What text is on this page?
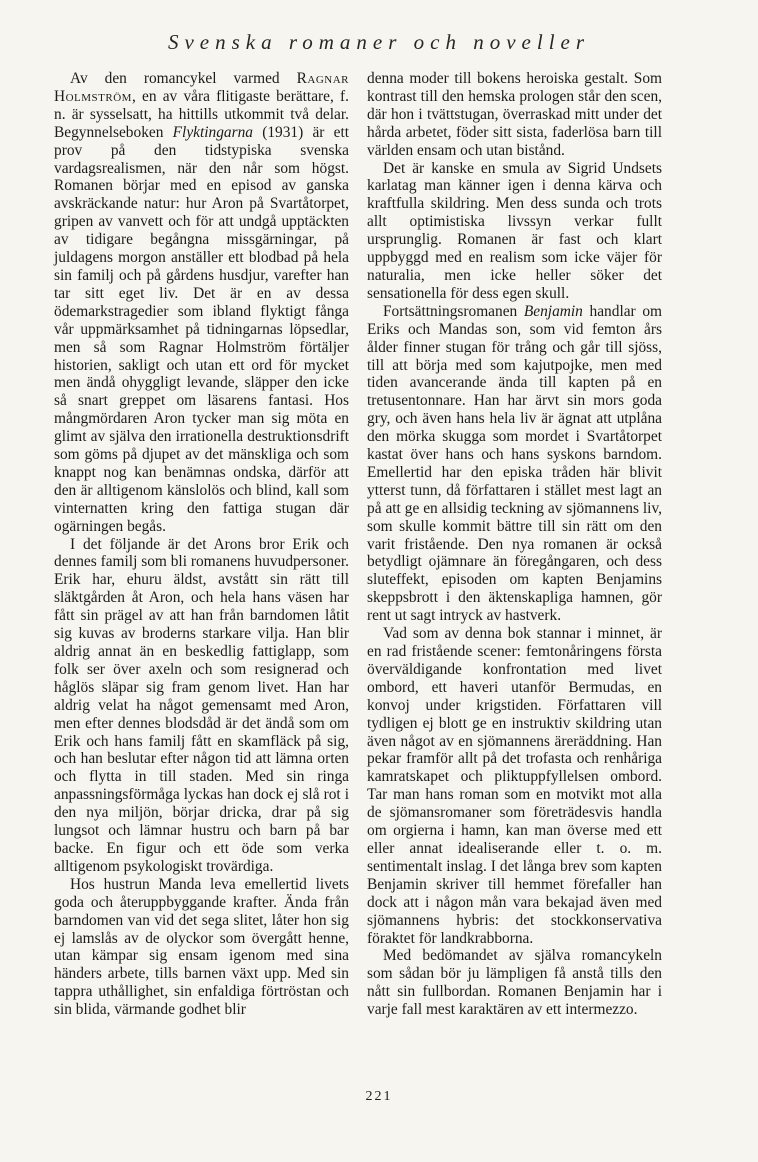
Svenska romaner och noveller

Av den romancykel varmed Ragnar Holmström, en av våra flitigaste berättare, f. n. är sysselsatt, ha hittills utkommit två delar. Begynnelseboken Flyktingarna (1931) är ett prov på den tidstypiska svenska vardagsrealismen, när den når som högst. Romanen börjar med en episod av ganska avskräckande natur: hur Aron på Svartåtorpet, gripen av vanvett och för att undgå upptäckten av tidigare begångna missgärningar, på juldagens morgon anställer ett blodbad på hela sin familj och på gårdens husdjur, varefter han tar sitt eget liv. Det är en av dessa ödemarkstragedier som ibland flyktigt fånga vår uppmärksamhet på tidningarnas löpsedlar, men så som Ragnar Holmström förtäljer historien, sakligt och utan ett ord för mycket men ändå ohyggligt levande, släpper den icke så snart greppet om läsarens fantasi. Hos mångmördaren Aron tycker man sig möta en glimt av själva den irrationella destruktionsdrift som göms på djupet av det mänskliga och som knappt nog kan benämnas ondska, därför att den är alltigenom känslolös och blind, kall som vinternatten kring den fattiga stugan där ogärningen begås.

I det följande är det Arons bror Erik och dennes familj som bli romanens huvudpersoner. Erik har, ehuru äldst, avstått sin rätt till släktgården åt Aron, och hela hans väsen har fått sin prägel av att han från barndomen låtit sig kuvas av broderns starkare vilja. Han blir aldrig annat än en beskedlig fattiglapp, som folk ser över axeln och som resignerad och håglös släpar sig fram genom livet. Han har aldrig velat ha något gemensamt med Aron, men efter dennes blodsdåd är det ändå som om Erik och hans familj fått en skamfläck på sig, och han beslutar efter någon tid att lämna orten och flytta in till staden. Med sin ringa anpassningsförmåga lyckas han dock ej slå rot i den nya miljön, börjar dricka, drar på sig lungsot och lämnar hustru och barn på bar backe. En figur och ett öde som verka alltigenom psykologiskt trovärdiga.

Hos hustrun Manda leva emellertid livets goda och återuppbyggande krafter. Ända från barndomen van vid det sega slitet, låter hon sig ej lamslås av de olyckor som övergått henne, utan kämpar sig ensam igenom med sina händers arbete, tills barnen växt upp. Med sin tappra uthållighet, sin enfaldiga förtröstan och sin blida, värmande godhet blir

denna moder till bokens heroiska gestalt. Som kontrast till den hemska prologen står den scen, där hon i tvättstugan, överraskad mitt under det hårda arbetet, föder sitt sista, faderlösa barn till världen ensam och utan bistånd.

Det är kanske en smula av Sigrid Undsets karlatag man känner igen i denna kärva och kraftfulla skildring. Men dess sunda och trots allt optimistiska livssyn verkar fullt ursprunglig. Romanen är fast och klart uppbyggd med en realism som icke väjer för naturalia, men icke heller söker det sensationella för dess egen skull.

Fortsättningsromanen Benjamin handlar om Eriks och Mandas son, som vid femton års ålder finner stugan för trång och går till sjöss, till att börja med som kajutpojke, men med tiden avancerande ända till kapten på en tretusentonnare. Han har ärvt sin mors goda gry, och även hans hela liv är ägnat att utplåna den mörka skugga som mordet i Svartåtorpet kastat över hans och hans syskons barndom. Emellertid har den episka tråden här blivit ytterst tunn, då författaren i stället mest lagt an på att ge en allsidig teckning av sjömannens liv, som skulle kommit bättre till sin rätt om den varit fristående. Den nya romanen är också betydligt ojämnare än föregångaren, och dess sluteffekt, episoden om kapten Benjamins skeppsbrott i den äktenskapliga hamnen, gör rent ut sagt intryck av hastverk.

Vad som av denna bok stannar i minnet, är en rad fristående scener: femtonåringens första överväldigande konfrontation med livet ombord, ett haveri utanför Bermudas, en konvoj under krigstiden. Författaren vill tydligen ej blott ge en instruktiv skildring utan även något av en sjömannens äreräddning. Han pekar framför allt på det trofasta och renhåriga kamratskapet och pliktuppfyllelsen ombord. Tar man hans roman som en motvikt mot alla de sjömansromaner som företrädesvis handla om orgierna i hamn, kan man överse med ett eller annat idealiserande eller t. o. m. sentimentalt inslag. I det långa brev som kapten Benjamin skriver till hemmet förefaller han dock att i någon mån vara bekajad även med sjömannens hybris: det stockkonservativa föraktet för landkrabborna.

Med bedömandet av själva romancykeln som sådan bör ju lämpligen få anstå tills den nått sin fullbordan. Romanen Benjamin har i varje fall mest karaktären av ett intermezzo.

221
